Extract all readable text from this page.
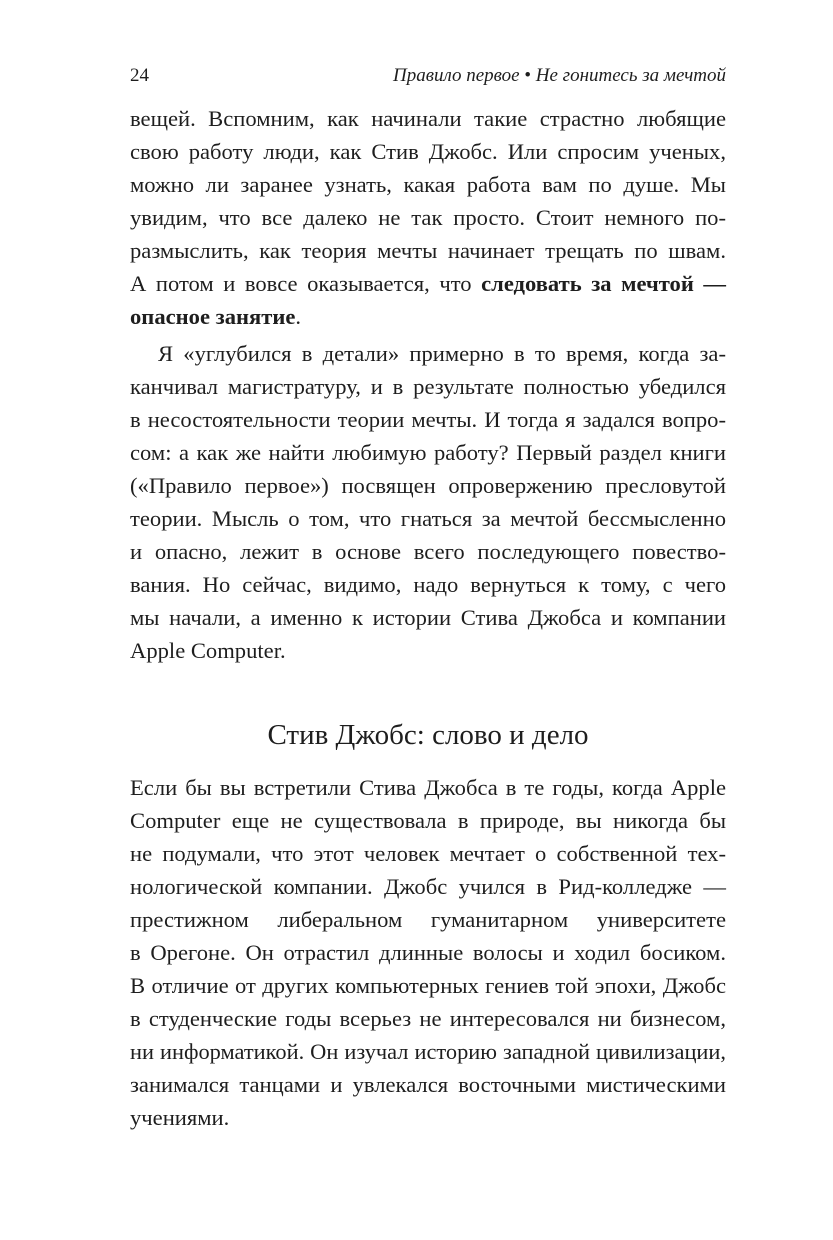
24	Правило первое • Не гонитесь за мечтой
вещей. Вспомним, как начинали такие страстно любящие
свою работу люди, как Стив Джобс. Или спросим ученых,
можно ли заранее узнать, какая работа вам по душе. Мы
увидим, что все далеко не так просто. Стоит немного по-
размыслить, как теория мечты начинает трещать по швам.
А потом и вовсе оказывается, что следовать за мечтой —
опасное занятие.
Я «углубился в детали» примерно в то время, когда за-
канчивал магистратуру, и в результате полностью убедился
в несостоятельности теории мечты. И тогда я задался вопро-
сом: а как же найти любимую работу? Первый раздел книги
(«Правило первое») посвящен опровержению пресловутой
теории. Мысль о том, что гнаться за мечтой бессмысленно
и опасно, лежит в основе всего последующего повество-
вания. Но сейчас, видимо, надо вернуться к тому, с чего
мы начали, а именно к истории Стива Джобса и компании
Apple Computer.
Стив Джобс: слово и дело
Если бы вы встретили Стива Джобса в те годы, когда Apple
Computer еще не существовала в природе, вы никогда бы
не подумали, что этот человек мечтает о собственной тех-
нологической компании. Джобс учился в Рид-колледже —
престижном либеральном гуманитарном университете
в Орегоне. Он отрастил длинные волосы и ходил босиком.
В отличие от других компьютерных гениев той эпохи, Джобс
в студенческие годы всерьез не интересовался ни бизнесом,
ни информатикой. Он изучал историю западной цивилизации,
занимался танцами и увлекался восточными мистическими
учениями.
